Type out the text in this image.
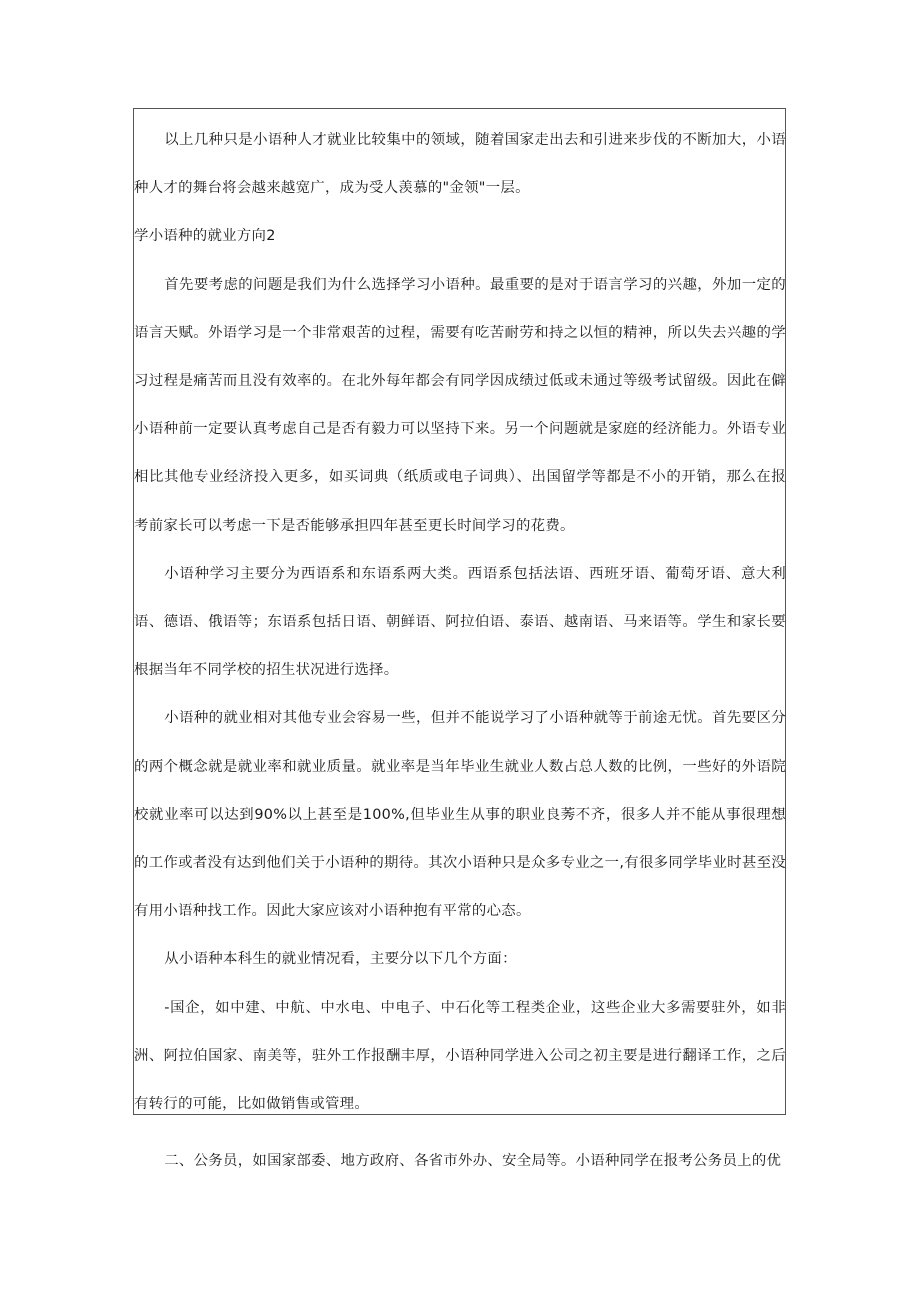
以上几种只是小语种人才就业比较集中的领域，随着国家走出去和引进来步伐的不断加大，小语种人才的舞台将会越来越宽广，成为受人羡慕的"金领"一层。

学小语种的就业方向2

首先要考虑的问题是我们为什么选择学习小语种。最重要的是对于语言学习的兴趣，外加一定的语言天赋。外语学习是一个非常艰苦的过程，需要有吃苦耐劳和持之以恒的精神，所以失去兴趣的学习过程是痛苦而且没有效率的。在北外每年都会有同学因成绩过低或未通过等级考试留级。因此在僻小语种前一定要认真考虑自己是否有毅力可以坚持下来。另一个问题就是家庭的经济能力。外语专业相比其他专业经济投入更多，如买词典（纸质或电子词典）、出国留学等都是不小的开销，那么在报考前家长可以考虑一下是否能够承担四年甚至更长时间学习的花费。

小语种学习主要分为西语系和东语系两大类。西语系包括法语、西班牙语、葡萄牙语、意大利语、德语、俄语等；东语系包括日语、朝鲜语、阿拉伯语、泰语、越南语、马来语等。学生和家长要根据当年不同学校的招生状况进行选择。

小语种的就业相对其他专业会容易一些，但并不能说学习了小语种就等于前途无忧。首先要区分的两个概念就是就业率和就业质量。就业率是当年毕业生就业人数占总人数的比例，一些好的外语院校就业率可以达到90%以上甚至是100%,但毕业生从事的职业良莠不齐，很多人并不能从事很理想的工作或者没有达到他们关于小语种的期待。其次小语种只是众多专业之一,有很多同学毕业时甚至没有用小语种找工作。因此大家应该对小语种抱有平常的心态。

从小语种本科生的就业情况看，主要分以下几个方面：

-国企，如中建、中航、中水电、中电子、中石化等工程类企业，这些企业大多需要驻外，如非洲、阿拉伯国家、南美等，驻外工作报酬丰厚，小语种同学进入公司之初主要是进行翻译工作，之后有转行的可能，比如做销售或管理。

二、公务员，如国家部委、地方政府、各省市外办、安全局等。小语种同学在报考公务员上的优
